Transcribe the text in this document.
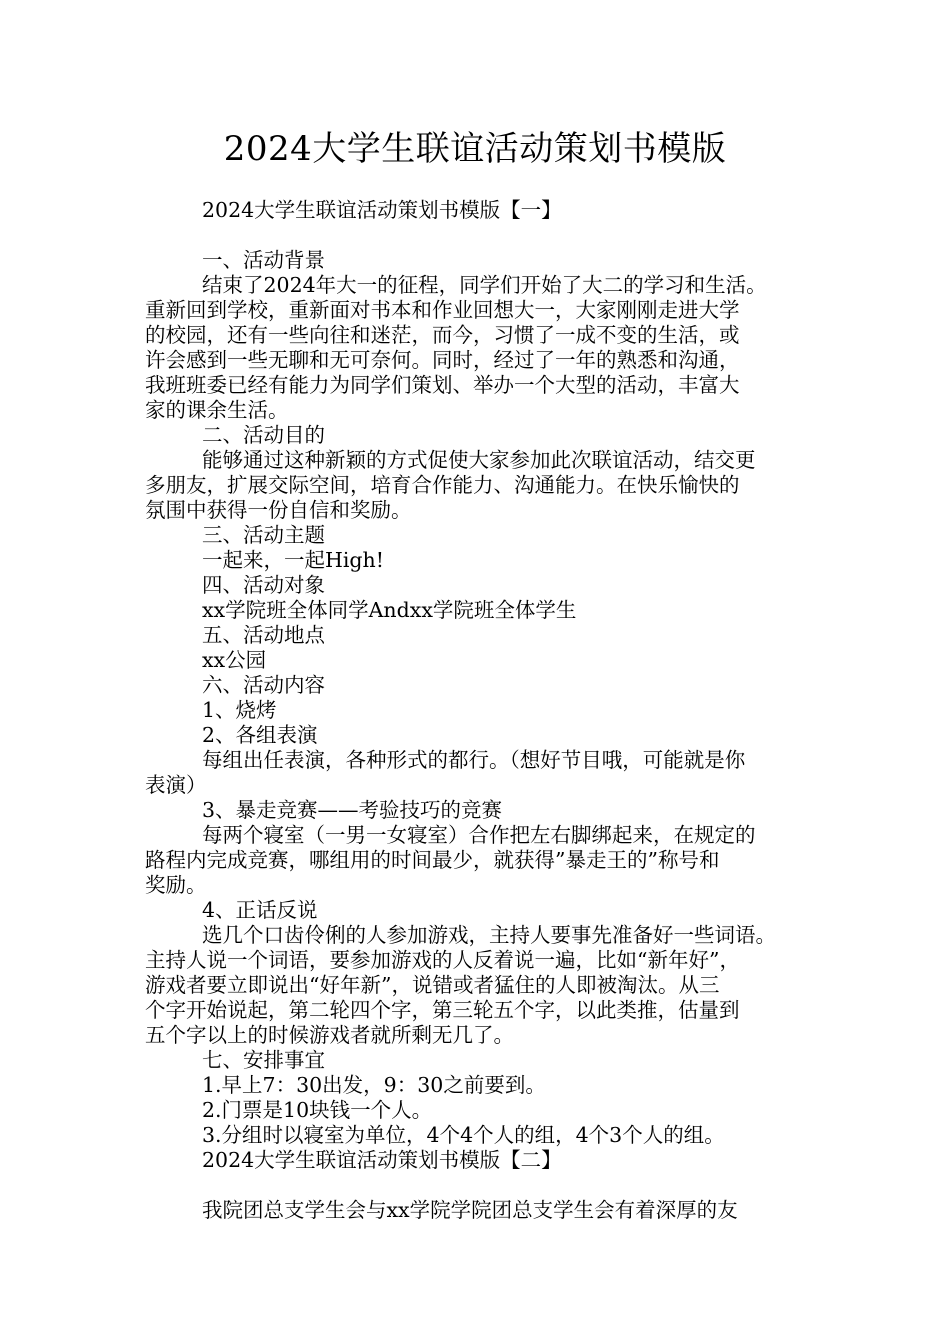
2024大学生联谊活动策划书模版
2024大学生联谊活动策划书模版【一】
一、活动背景
结束了2024年大一的征程，同学们开始了大二的学习和生活。
重新回到学校，重新面对书本和作业回想大一，大家刚刚走进大学
的校园，还有一些向往和迷茫，而今，习惯了一成不变的生活，或
许会感到一些无聊和无可奈何。同时，经过了一年的熟悉和沟通，
我班班委已经有能力为同学们策划、举办一个大型的活动，丰富大
家的课余生活。
二、活动目的
能够通过这种新颖的方式促使大家参加此次联谊活动，结交更
多朋友，扩展交际空间，培育合作能力、沟通能力。在快乐愉快的
氛围中获得一份自信和奖励。
三、活动主题
一起来，一起High!
四、活动对象
xx学院班全体同学Andxx学院班全体学生
五、活动地点
xx公园
六、活动内容
1、烧烤
2、各组表演
每组出任表演，各种形式的都行。（想好节目哦，可能就是你
表演）
3、暴走竞赛——考验技巧的竞赛
每两个寝室（一男一女寝室）合作把左右脚绑起来，在规定的
路程内完成竞赛，哪组用的时间最少，就获得”暴走王的”称号和
奖励。
4、正话反说
选几个口齿伶俐的人参加游戏，主持人要事先准备好一些词语。
主持人说一个词语，要参加游戏的人反着说一遍，比如“新年好”，
游戏者要立即说出“好年新”，说错或者猛住的人即被淘汰。从三
个字开始说起，第二轮四个字，第三轮五个字，以此类推，估量到
五个字以上的时候游戏者就所剩无几了。
七、安排事宜
1.早上7：30出发，9：30之前要到。
2.门票是10块钱一个人。
3.分组时以寝室为单位，4个4个人的组，4个3个人的组。
2024大学生联谊活动策划书模版【二】
我院团总支学生会与xx学院学院团总支学生会有着深厚的友
